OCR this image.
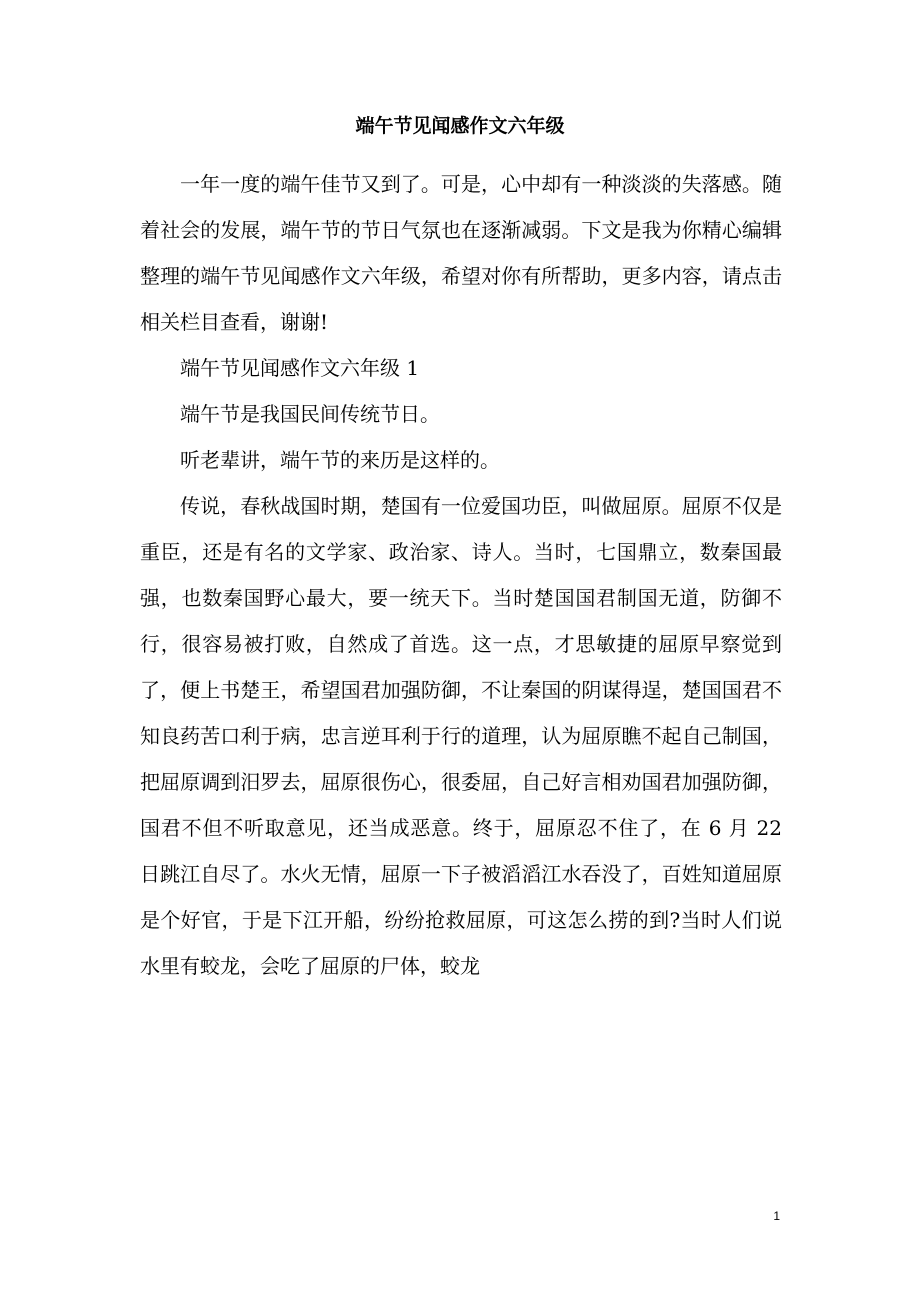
端午节见闻感作文六年级

一年一度的端午佳节又到了。可是，心中却有一种淡淡的失落感。随着社会的发展，端午节的节日气氛也在逐渐减弱。下文是我为你精心编辑整理的端午节见闻感作文六年级，希望对你有所帮助，更多内容，请点击相关栏目查看，谢谢!

端午节见闻感作文六年级 1

端午节是我国民间传统节日。

听老辈讲，端午节的来历是这样的。

传说，春秋战国时期，楚国有一位爱国功臣，叫做屈原。屈原不仅是重臣，还是有名的文学家、政治家、诗人。当时，七国鼎立，数秦国最强，也数秦国野心最大，要一统天下。当时楚国国君制国无道，防御不行，很容易被打败，自然成了首选。这一点，才思敏捷的屈原早察觉到了，便上书楚王，希望国君加强防御，不让秦国的阴谋得逞，楚国国君不知良药苦口利于病，忠言逆耳利于行的道理，认为屈原瞧不起自己制国，把屈原调到汨罗去，屈原很伤心，很委屈，自己好言相劝国君加强防御，国君不但不听取意见，还当成恶意。终于，屈原忍不住了，在 6 月 22 日跳江自尽了。水火无情，屈原一下子被滔滔江水吞没了，百姓知道屈原是个好官，于是下江开船，纷纷抢救屈原，可这怎么捞的到?当时人们说水里有蛟龙，会吃了屈原的尸体，蛟龙

1
